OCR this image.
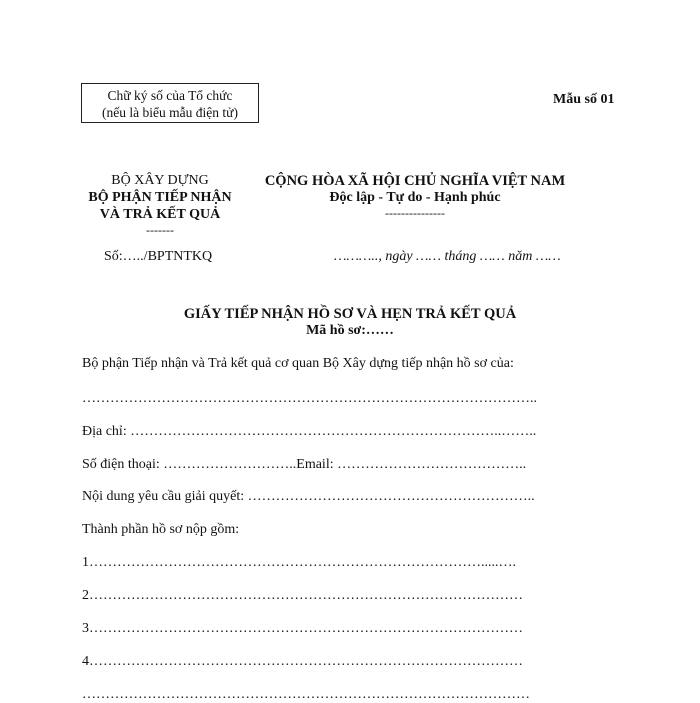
Chữ ký số của Tổ chức
(nếu là biểu mẫu điện tử)
Mẫu số 01
BỘ XÂY DỰNG
BỘ PHẬN TIẾP NHẬN
VÀ TRẢ KẾT QUẢ
-------
Số:…../BPTNTKQ
CỘNG HÒA XÃ HỘI CHỦ NGHĨA VIỆT NAM
Độc lập - Tự do - Hạnh phúc
---------------
……….., ngày …… tháng …… năm ……
GIẤY TIẾP NHẬN HỒ SƠ VÀ HẸN TRẢ KẾT QUẢ
Mã hồ sơ:……
Bộ phận Tiếp nhận và Trả kết quả cơ quan Bộ Xây dựng tiếp nhận hồ sơ của:
……………………………………………………………………………………..
Địa chỉ: ……………………………………………………………………..……..
Số điện thoại: ………………………..Email: …………………………………..
Nội dung yêu cầu giải quyết: ……………………………………………………..
Thành phần hồ sơ nộp gồm:
1………………………………………………………………………….....….
2…………………………………………………………………………………
3…………………………………………………………………………………
4…………………………………………………………………………………
……………………………………………………………………………………
